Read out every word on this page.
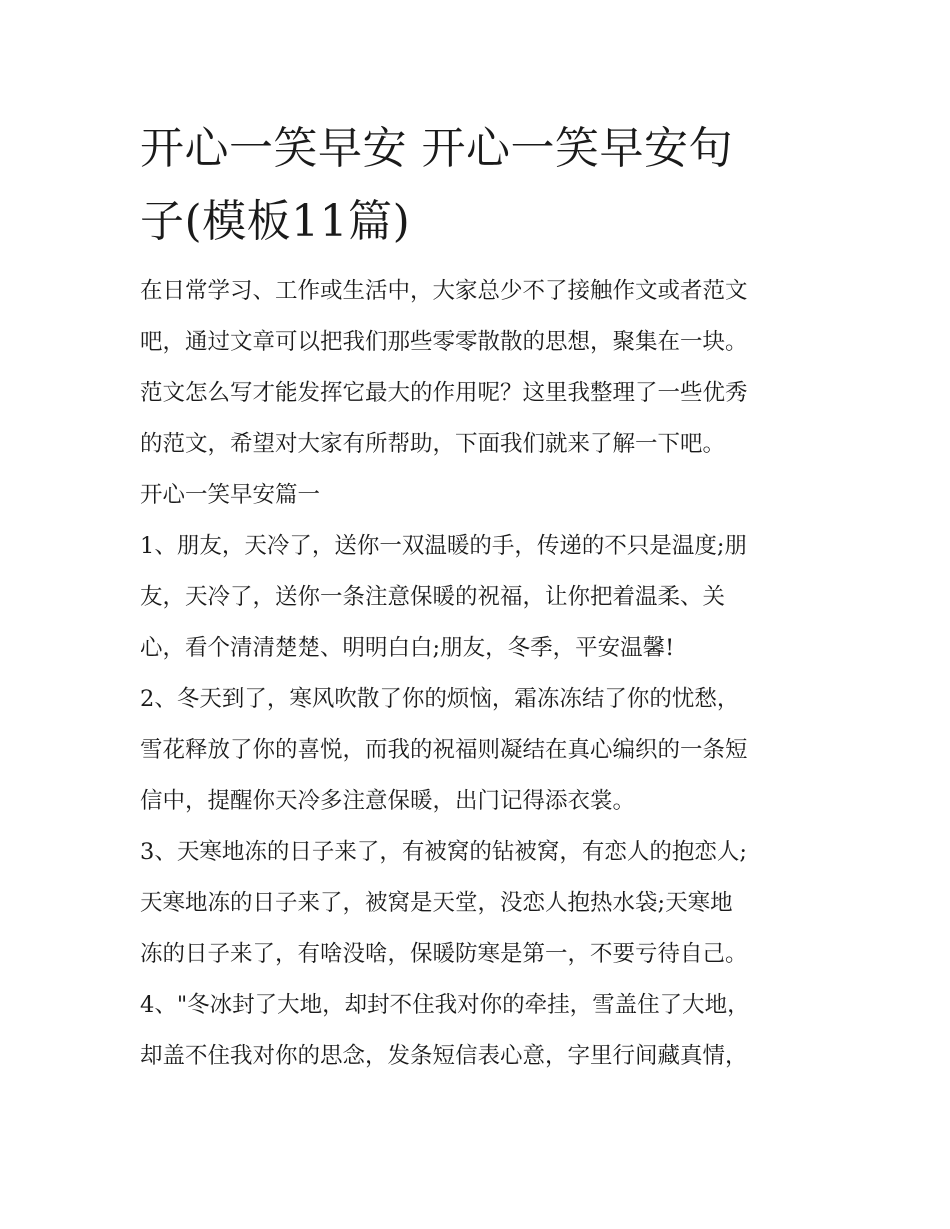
开心一笑早安 开心一笑早安句
子(模板11篇)
在日常学习、工作或生活中，大家总少不了接触作文或者范文
吧，通过文章可以把我们那些零零散散的思想，聚集在一块。
范文怎么写才能发挥它最大的作用呢？这里我整理了一些优秀
的范文，希望对大家有所帮助，下面我们就来了解一下吧。
开心一笑早安篇一
1、朋友，天冷了，送你一双温暖的手，传递的不只是温度;朋
友，天冷了，送你一条注意保暖的祝福，让你把着温柔、关
心，看个清清楚楚、明明白白;朋友，冬季，平安温馨!
2、冬天到了，寒风吹散了你的烦恼，霜冻冻结了你的忧愁，
雪花释放了你的喜悦，而我的祝福则凝结在真心编织的一条短
信中，提醒你天冷多注意保暖，出门记得添衣裳。
3、天寒地冻的日子来了，有被窝的钻被窝，有恋人的抱恋人;
天寒地冻的日子来了，被窝是天堂，没恋人抱热水袋;天寒地
冻的日子来了，有啥没啥，保暖防寒是第一，不要亏待自己。
4、"冬冰封了大地，却封不住我对你的牵挂，雪盖住了大地，
却盖不住我对你的思念，发条短信表心意，字里行间藏真情，
